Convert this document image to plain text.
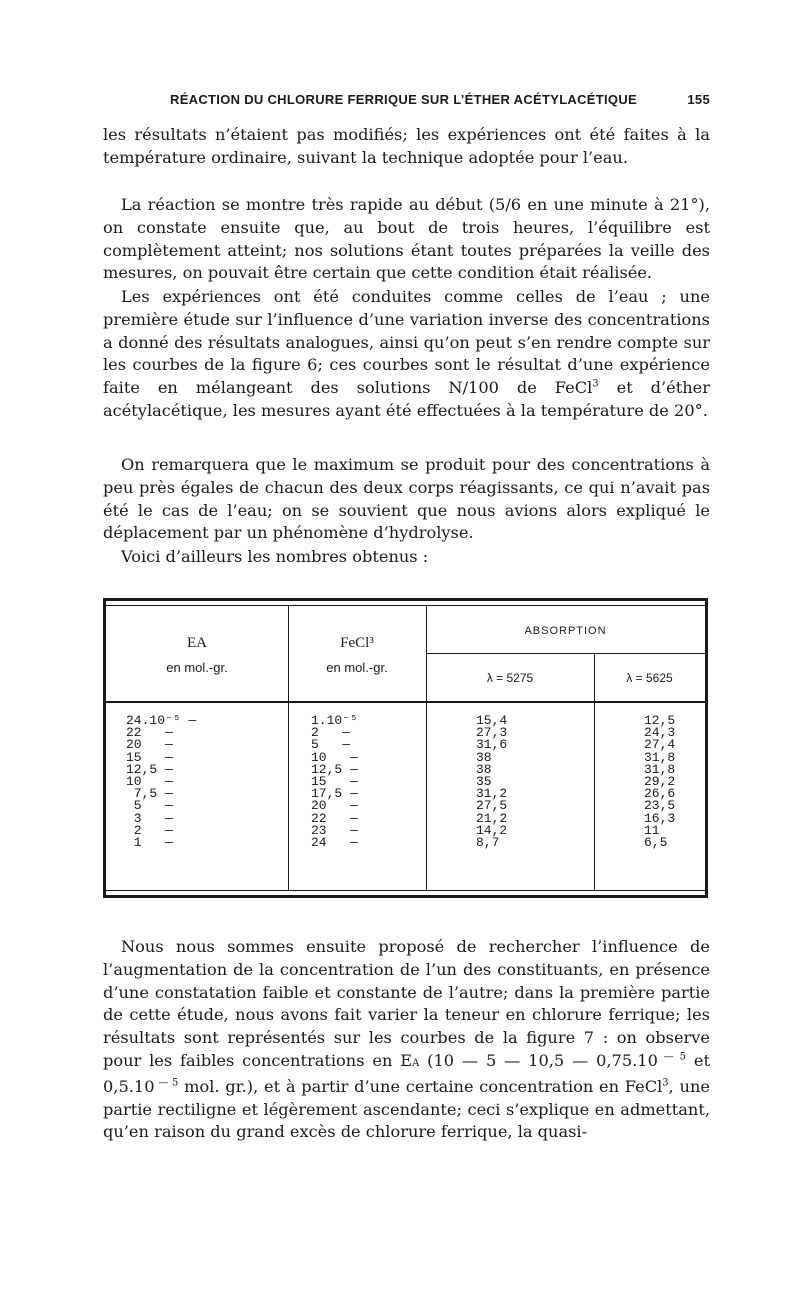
RÉACTION DU CHLORURE FERRIQUE SUR L’ÉTHER ACÉTYLACÉTIQUE	155

les résultats n’étaient pas modifiés; les expériences ont été faites à la température ordinaire, suivant la technique adoptée pour l’eau.

La réaction se montre très rapide au début (5/6 en une minute à 21°), on constate ensuite que, au bout de trois heures, l’équilibre est complètement atteint; nos solutions étant toutes préparées la veille des mesures, on pouvait être certain que cette condition était réalisée.

Les expériences ont été conduites comme celles de l’eau ; une première étude sur l’influence d’une variation inverse des concentrations a donné des résultats analogues, ainsi qu’on peut s’en rendre compte sur les courbes de la figure 6; ces courbes sont le résultat d’une expérience faite en mélangeant des solutions N/100 de FeCl$^3$ et d’éther acétylacétique, les mesures ayant été effectuées à la température de 20°.

On remarquera que le maximum se produit pour des concentrations à peu près égales de chacun des deux corps réagissants, ce qui n’avait pas été le cas de l’eau; on se souvient que nous avions alors expliqué le déplacement par un phénomène d’hydrolyse.

Voici d’ailleurs les nombres obtenus :

EA
en mol.-gr.
FeCl³
en mol.-gr.
ABSORPTION
λ = 5275	λ = 5625
24.10⁻⁵ —
22   —
20   —
15   —
12,5 —
10   —
7,5 —
5   —
3   —
2   —
1   —
1.10⁻⁵
2   —
5   —
10   —
12,5 —
15   —
17,5 —
20   —
22   —
23   —
24   —
15,4
27,3
31,6
38
38
35
31,2
27,5
21,2
14,2
8,7
12,5
24,3
27,4
31,8
31,8
29,2
26,6
23,5
16,3
11
6,5

Nous nous sommes ensuite proposé de rechercher l’influence de l’augmentation de la concentration de l’un des constituants, en présence d’une constatation faible et constante de l’autre; dans la première partie de cette étude, nous avons fait varier la teneur en chlorure ferrique; les résultats sont représentés sur les courbes de la figure 7 : on observe pour les faibles concentrations en EA (10 — 5 — 10,5 — 0,75.10 $^{— 5}$ et 0,5.10 $^{— 5}$ mol. gr.), et à partir d’une certaine concentration en FeCl$^3$, une partie rectiligne et légèrement ascendante; ceci s’explique en admettant, qu’en raison du grand excès de chlorure ferrique, la quasi-
